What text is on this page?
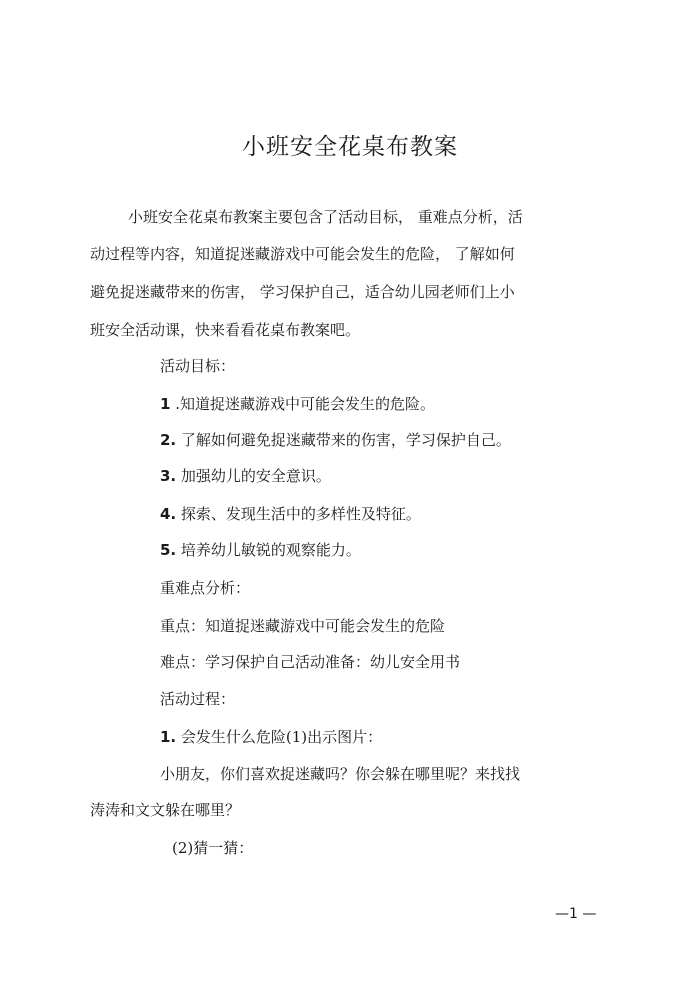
小班安全花桌布教案
小班安全花桌布教案主要包含了活动目标， 重难点分析，活
动过程等内容，知道捉迷藏游戏中可能会发生的危险， 了解如何
避免捉迷藏带来的伤害， 学习保护自己，适合幼儿园老师们上小
班安全活动课，快来看看花桌布教案吧。
活动目标：
1 .知道捉迷藏游戏中可能会发生的危险。
2. 了解如何避免捉迷藏带来的伤害，学习保护自己。
3. 加强幼儿的安全意识。
4. 探索、发现生活中的多样性及特征。
5. 培养幼儿敏锐的观察能力。
重难点分析：
重点：知道捉迷藏游戏中可能会发生的危险
难点：学习保护自己活动准备：幼儿安全用书
活动过程：
1. 会发生什么危险(1)出示图片：
小朋友，你们喜欢捉迷藏吗？你会躲在哪里呢？来找找
涛涛和文文躲在哪里？
(2)猜一猜：
—1 —
